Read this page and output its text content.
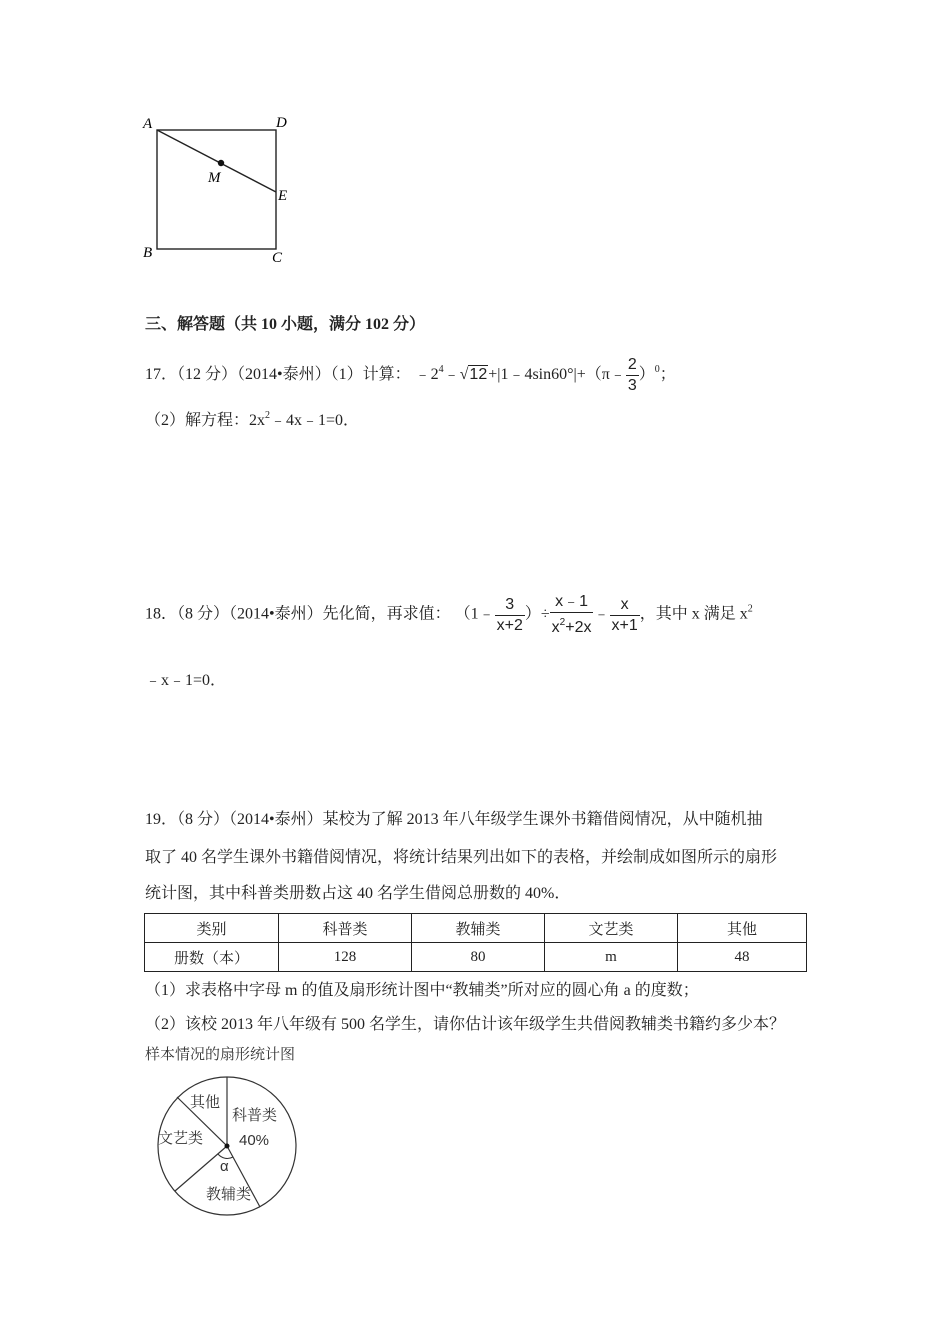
A	D
M
E
B	C
三、解答题（共 10 小题，满分 102 分）
17．（12 分）（2014•泰州）（1）计算： $﹣2^4﹣√12+|1﹣4\sin 60^\circ|+(\pi﹣ \frac{2}{3} )^0$；
（2）解方程：$2x^2﹣4x﹣1=0$．
18．（8 分）（2014•泰州）先化简，再求值： （1﹣ $\frac{3}{x+2}$ ）÷ $\frac{x﹣1}{x^2+2x}$ ﹣ $\frac{x}{x+1}$ ，其中 x 满足 $x^2$
﹣x﹣1=0．
19．（8 分）（2014•泰州）某校为了解 2013 年八年级学生课外书籍借阅情况，从中随机抽
取了 40 名学生课外书籍借阅情况，将统计结果列出如下的表格，并绘制成如图所示的扇形
统计图，其中科普类册数占这 40 名学生借阅总册数的 40%．
类别	科普类	教辅类	文艺类	其他
册数（本）	128	80	m	48
（1）求表格中字母 m 的值及扇形统计图中“教辅类”所对应的圆心角 a 的度数；
（2）该校 2013 年八年级有 500 名学生，请你估计该年级学生共借阅教辅类书籍约多少本？
样本情况的扇形统计图
其他
科普类
40%
文艺类
α
教辅类
